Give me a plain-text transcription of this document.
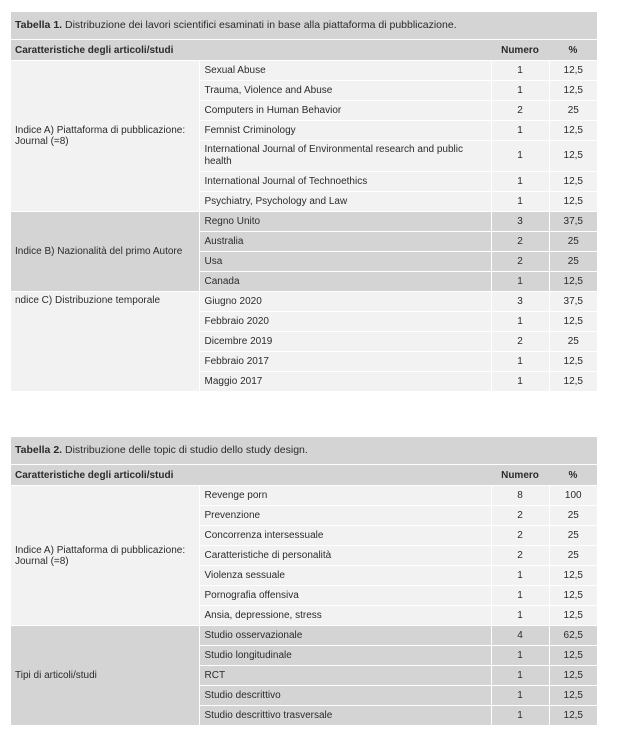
Tabella 1. Distribuzione dei lavori scientifici esaminati in base alla piattaforma di pubblicazione.
Caratteristiche degli articoli/studi		Numero	%
Indice A) Piattaforma di pubblicazione: Journal (=8)	Sexual Abuse	1	12,5
	Trauma, Violence and Abuse	1	12,5
	Computers in Human Behavior	2	25
	Femnist Criminology	1	12,5
	International Journal of Environmental research and public health	1	12,5
	International Journal of Technoethics	1	12,5
	Psychiatry, Psychology and Law	1	12,5
Indice B) Nazionalità del primo Autore	Regno Unito	3	37,5
	Australia	2	25
	Usa	2	25
	Canada	1	12,5
ndice C) Distribuzione temporale	Giugno 2020	3	37,5
	Febbraio 2020	1	12,5
	Dicembre 2019	2	25
	Febbraio 2017	1	12,5
	Maggio 2017	1	12,5
Tabella 2. Distribuzione delle topic di studio dello study design.
Caratteristiche degli articoli/studi		Numero	%
Indice A) Piattaforma di pubblicazione: Journal (=8)	Revenge porn	8	100
	Prevenzione	2	25
	Concorrenza intersessuale	2	25
	Caratteristiche di personalità	2	25
	Violenza sessuale	1	12,5
	Pornografia offensiva	1	12,5
	Ansia, depressione, stress	1	12,5
Tipi di articoli/studi	Studio osservazionale	4	62,5
	Studio longitudinale	1	12,5
	RCT	1	12,5
	Studio descrittivo	1	12,5
	Studio descrittivo trasversale	1	12,5
